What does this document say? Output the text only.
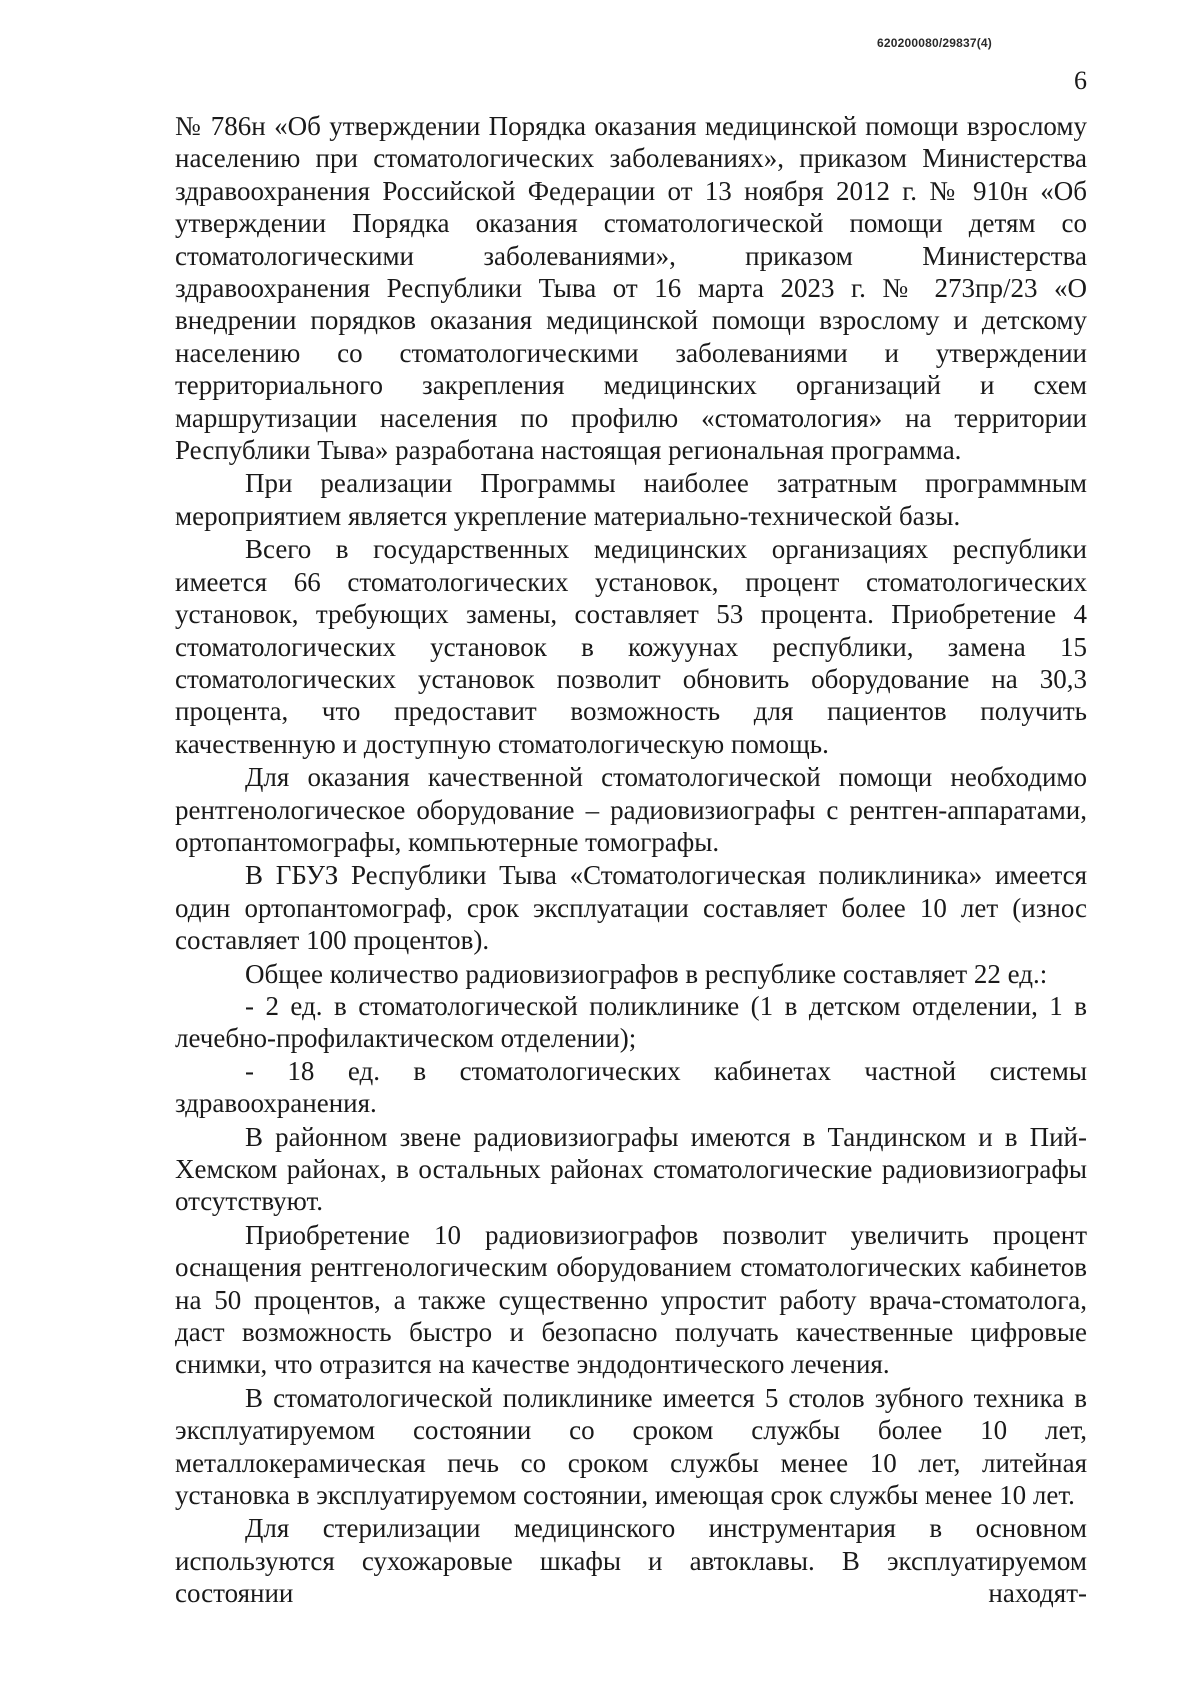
620200080/29837(4)
6

№ 786н «Об утверждении Порядка оказания медицинской помощи взрослому населению при стоматологических заболеваниях», приказом Министерства здравоохранения Российской Федерации от 13 ноября 2012 г. № 910н «Об утверждении Порядка оказания стоматологической помощи детям со стоматологическими заболеваниями», приказом Министерства здравоохранения Республики Тыва от 16 марта 2023 г. № 273пр/23 «О внедрении порядков оказания медицинской помощи взрослому и детскому населению со стоматологическими заболеваниями и утверждении территориального закрепления медицинских организаций и схем маршрутизации населения по профилю «стоматология» на территории Республики Тыва» разработана настоящая региональная программа.

При реализации Программы наиболее затратным программным мероприятием является укрепление материально-технической базы.

Всего в государственных медицинских организациях республики имеется 66 стоматологических установок, процент стоматологических установок, требующих замены, составляет 53 процента. Приобретение 4 стоматологических установок в кожуунах республики, замена 15 стоматологических установок позволит обновить оборудование на 30,3 процента, что предоставит возможность для пациентов получить качественную и доступную стоматологическую помощь.

Для оказания качественной стоматологической помощи необходимо рентгенологическое оборудование – радиовизиографы с рентген-аппаратами, ортопантомографы, компьютерные томографы.

В ГБУЗ Республики Тыва «Стоматологическая поликлиника» имеется один ортопантомограф, срок эксплуатации составляет более 10 лет (износ составляет 100 процентов).

Общее количество радиовизиографов в республике составляет 22 ед.:

- 2 ед. в стоматологической поликлинике (1 в детском отделении, 1 в лечебно-профилактическом отделении);

- 18 ед. в стоматологических кабинетах частной системы здравоохранения.

В районном звене радиовизиографы имеются в Тандинском и в Пий-Хемском районах, в остальных районах стоматологические радиовизиографы отсутствуют.

Приобретение 10 радиовизиографов позволит увеличить процент оснащения рентгенологическим оборудованием стоматологических кабинетов на 50 процентов, а также существенно упростит работу врача-стоматолога, даст возможность быстро и безопасно получать качественные цифровые снимки, что отразится на качестве эндодонтического лечения.

В стоматологической поликлинике имеется 5 столов зубного техника в эксплуатируемом состоянии со сроком службы более 10 лет, металлокерамическая печь со сроком службы менее 10 лет, литейная установка в эксплуатируемом состоянии, имеющая срок службы менее 10 лет.

Для стерилизации медицинского инструментария в основном используются сухожаровые шкафы и автоклавы. В эксплуатируемом состоянии находят-
